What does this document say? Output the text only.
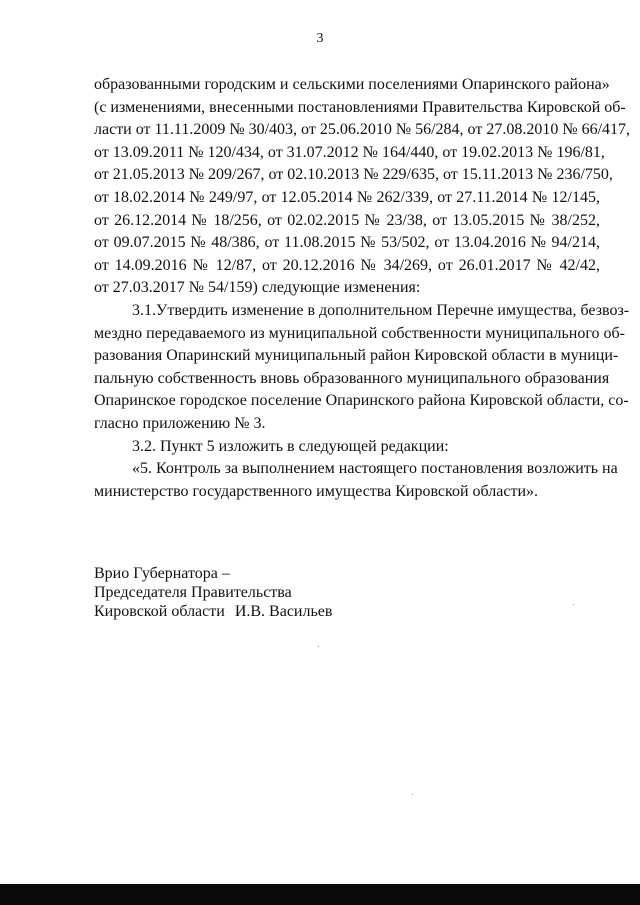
3
образованными городским и сельскими поселениями Опаринского района»
(с изменениями, внесенными постановлениями Правительства Кировской об-
ласти от 11.11.2009 № 30/403, от 25.06.2010 № 56/284, от 27.08.2010 № 66/417,
от 13.09.2011 № 120/434, от 31.07.2012 № 164/440, от 19.02.2013 № 196/81,
от 21.05.2013 № 209/267, от 02.10.2013 № 229/635, от 15.11.2013 № 236/750,
от 18.02.2014 № 249/97, от 12.05.2014 № 262/339, от 27.11.2014 № 12/145,
от 26.12.2014 № 18/256, от 02.02.2015 № 23/38, от 13.05.2015 № 38/252,
от 09.07.2015 № 48/386, от 11.08.2015 № 53/502, от 13.04.2016 № 94/214,
от 14.09.2016 № 12/87, от 20.12.2016 № 34/269, от 26.01.2017 № 42/42,
от 27.03.2017 № 54/159) следующие изменения:
3.1.Утвердить изменение в дополнительном Перечне имущества, безвоз-
мездно передаваемого из муниципальной собственности муниципального об-
разования Опаринский муниципальный район Кировской области в муници-
пальную собственность вновь образованного муниципального образования
Опаринское городское поселение Опаринского района Кировской области, со-
гласно приложению № 3.
3.2. Пункт 5 изложить в следующей редакции:
«5. Контроль за выполнением настоящего постановления возложить на
министерство государственного имущества Кировской области».
Врио Губернатора –
Председателя Правительства
Кировской области И.В. Васильев
